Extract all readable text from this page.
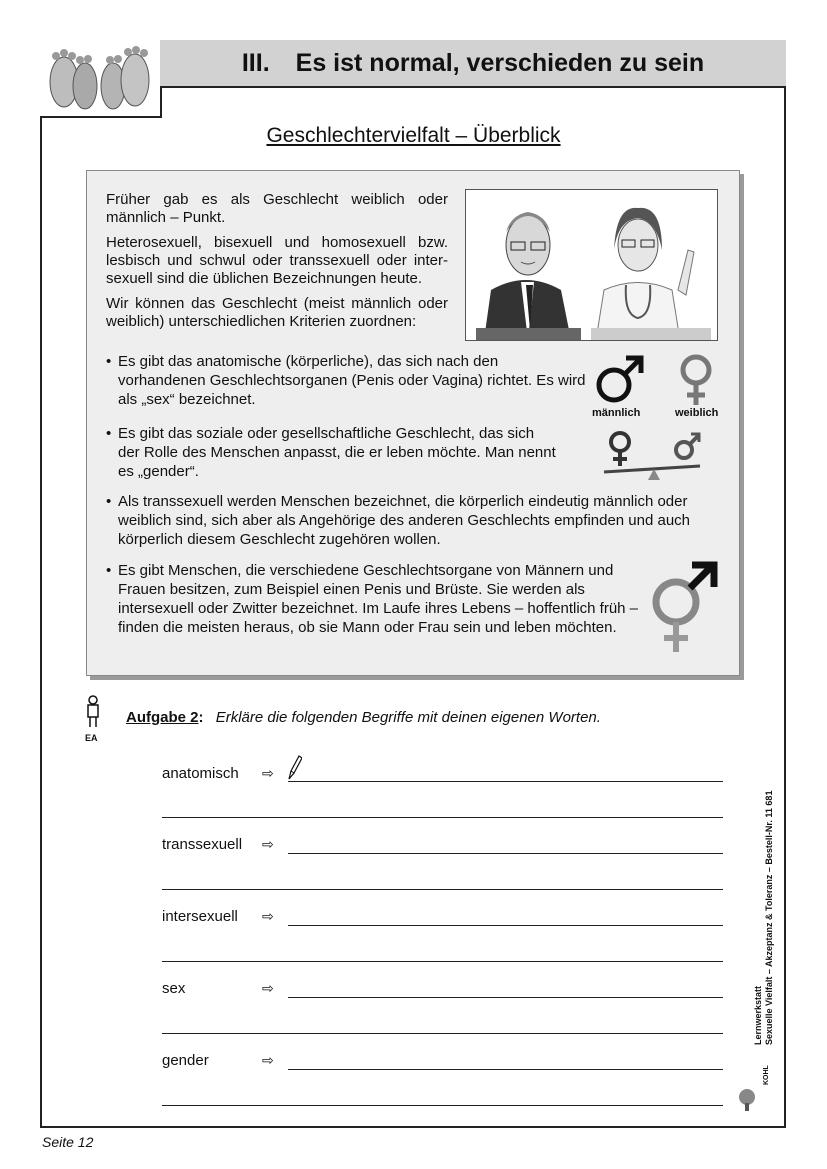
III. Es ist normal, verschieden zu sein
Geschlechtervielfalt – Überblick

Früher gab es als Geschlecht weiblich oder männlich – Punkt.

Heterosexuell, bisexuell und homosexuell bzw. lesbisch und schwul oder transsexuell oder inter-sexuell sind die üblichen Bezeichnungen heute.

Wir können das Geschlecht (meist männlich oder weiblich) unterschiedlichen Kriterien zuordnen:

• Es gibt das anatomische (körperliche), das sich nach den vorhandenen Geschlechtsorganen (Penis oder Vagina) richtet. Es wird als „sex“ bezeichnet.
• Es gibt das soziale oder gesellschaftliche Geschlecht, das sich der Rolle des Menschen anpasst, die er leben möchte. Man nennt es „gender“.
• Als transsexuell werden Menschen bezeichnet, die körperlich eindeutig männlich oder weiblich sind, sich aber als Angehörige des anderen Geschlechts empfinden und auch körperlich diesem Geschlecht zugehören wollen.
• Es gibt Menschen, die verschiedene Geschlechtsorgane von Männern und Frauen besitzen, zum Beispiel einen Penis und Brüste. Sie werden als intersexuell oder Zwitter bezeichnet. Im Laufe ihres Lebens – hoffentlich früh – finden die meisten heraus, ob sie Mann oder Frau sein und leben möchten.
männlich	weiblich
EA
Aufgabe 2: Erkläre die folgenden Begriffe mit deinen eigenen Worten.
anatomisch ⇨
transsexuell ⇨
intersexuell ⇨
sex	⇨
gender	⇨
Lernwerkstatt Sexuelle Vielfalt – Akzeptanz & Toleranz – Bestell-Nr. 11 681
KOHL
Seite 12
